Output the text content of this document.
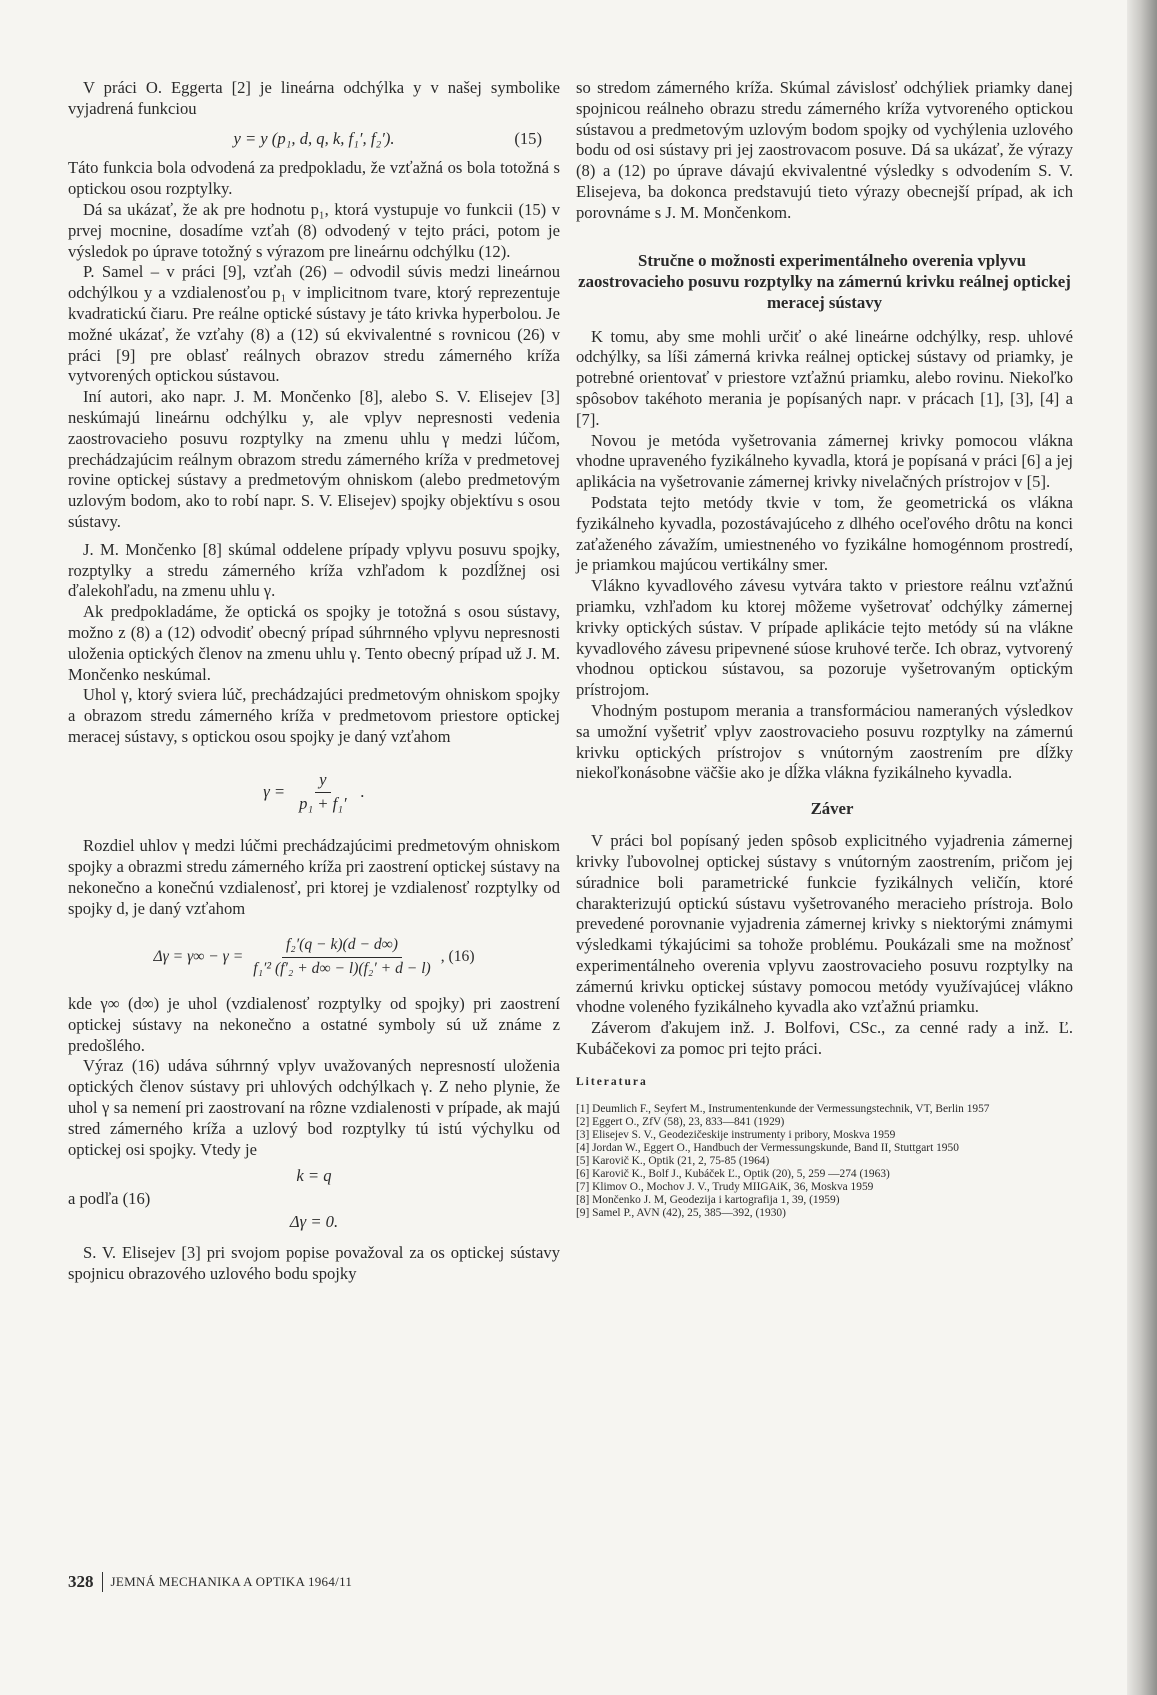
V práci O. Eggerta [2] je lineárna odchýlka y v našej symbolike vyjadrená funkciou

y = y (p₁, d, q, k, f₁′, f₂′).	(15)

Táto funkcia bola odvodená za predpokladu, že vzťažná os bola totožná s optickou osou rozptylky.

Dá sa ukázať, že ak pre hodnotu p₁, ktorá vystupuje vo funkcii (15) v prvej mocnine, dosadíme vzťah (8) odvodený v tejto práci, potom je výsledok po úprave totožný s výrazom pre lineárnu odchýlku (12).

P. Samel – v práci [9], vzťah (26) – odvodil súvis medzi lineárnou odchýlkou y a vzdialenosťou p₁ v implicitnom tvare, ktorý reprezentuje kvadratickú čiaru. Pre reálne optické sústavy je táto krivka hyperbolou. Je možné ukázať, že vzťahy (8) a (12) sú ekvivalentné s rovnicou (26) v práci [9] pre oblasť reálnych obrazov stredu zámerného kríža vytvorených optickou sústavou.

Iní autori, ako napr. J. M. Mončenko [8], alebo S. V. Elisejev [3] neskúmajú lineárnu odchýlku y, ale vplyv nepresnosti vedenia zaostrovacieho posuvu rozptylky na zmenu uhlu γ medzi lúčom, prechádzajúcim reálnym obrazom stredu zámerného kríža v predmetovej rovine optickej sústavy a predmetovým ohniskom (alebo predmetovým uzlovým bodom, ako to robí napr. S. V. Elisejev) spojky objektívu s osou sústavy.

J. M. Mončenko [8] skúmal oddelene prípady vplyvu posuvu spojky, rozptylky a stredu zámerného kríža vzhľadom k pozdĺžnej osi ďalekohľadu, na zmenu uhlu γ.

Ak predpokladáme, že optická os spojky je totožná s osou sústavy, možno z (8) a (12) odvodiť obecný prípad súhrnného vplyvu nepresnosti uloženia optických členov na zmenu uhlu γ. Tento obecný prípad už J. M. Mončenko neskúmal.

Uhol γ, ktorý sviera lúč, prechádzajúci predmetovým ohniskom spojky a obrazom stredu zámerného kríža v predmetovom priestore optickej meracej sústavy, s optickou osou spojky je daný vzťahom

$\gamma = \frac{y}{\text{p₁ + f₁′}}$ .

Rozdiel uhlov γ medzi lúčmi prechádzajúcimi predmetovým ohniskom spojky a obrazmi stredu zámerného kríža pri zaostrení optickej sústavy na nekonečno a konečnú vzdialenosť, pri ktorej je vzdialenosť rozptylky od spojky d, je daný vzťahom

$\Delta\gamma = \gamma\infty - \gamma = \frac{\text{f₂′(q − k)(d − d∞)}}{\text{f₁′² (f′₂ + d∞ − l)(f₂′ + d − l)}}$ , (16)

kde γ∞ (d∞) je uhol (vzdialenosť rozptylky od spojky) pri zaostrení optickej sústavy na nekonečno a ostatné symboly sú už známe z predošlého.

Výraz (16) udáva súhrnný vplyv uvažovaných nepresností uloženia optických členov sústavy pri uhlových odchýlkach γ. Z neho plynie, že uhol γ sa nemení pri zaostrovaní na rôzne vzdialenosti v prípade, ak majú stred zámerného kríža a uzlový bod rozptylky tú istú výchylku od optickej osi spojky. Vtedy je

k = q

a podľa (16)

Δγ = 0.

S. V. Elisejev [3] pri svojom popise považoval za os optickej sústavy spojnicu obrazového uzlového bodu spojky

so stredom zámerného kríža. Skúmal závislosť odchýliek priamky danej spojnicou reálneho obrazu stredu zámerného kríža vytvoreného optickou sústavou a predmetovým uzlovým bodom spojky od vychýlenia uzlového bodu od osi sústavy pri jej zaostrovacom posuve. Dá sa ukázať, že výrazy (8) a (12) po úprave dávajú ekvivalentné výsledky s odvodením S. V. Elisejeva, ba dokonca predstavujú tieto výrazy obecnejší prípad, ak ich porovnáme s J. M. Mončenkom.

Stručne o možnosti experimentálneho overenia vplyvu zaostrovacieho posuvu rozptylky na zámernú krivku reálnej optickej meracej sústavy

K tomu, aby sme mohli určiť o aké lineárne odchýlky, resp. uhlové odchýlky, sa líši zámerná krivka reálnej optickej sústavy od priamky, je potrebné orientovať v priestore vzťažnú priamku, alebo rovinu. Niekoľko spôsobov takéhoto merania je popísaných napr. v prácach [1], [3], [4] a [7].

Novou je metóda vyšetrovania zámernej krivky pomocou vlákna vhodne upraveného fyzikálneho kyvadla, ktorá je popísaná v práci [6] a jej aplikácia na vyšetrovanie zámernej krivky nivelačných prístrojov v [5].

Podstata tejto metódy tkvie v tom, že geometrická os vlákna fyzikálneho kyvadla, pozostávajúceho z dlhého oceľového drôtu na konci zaťaženého závažím, umiestneného vo fyzikálne homogénnom prostredí, je priamkou majúcou vertikálny smer.

Vlákno kyvadlového závesu vytvára takto v priestore reálnu vzťažnú priamku, vzhľadom ku ktorej môžeme vyšetrovať odchýlky zámernej krivky optických sústav. V prípade aplikácie tejto metódy sú na vlákne kyvadlového závesu pripevnené súose kruhové terče. Ich obraz, vytvorený vhodnou optickou sústavou, sa pozoruje vyšetrovaným optickým prístrojom.

Vhodným postupom merania a transformáciou nameraných výsledkov sa umožní vyšetriť vplyv zaostrovacieho posuvu rozptylky na zámernú krivku optických prístrojov s vnútorným zaostrením pre dĺžky niekoľkonásobne väčšie ako je dĺžka vlákna fyzikálneho kyvadla.

Záver

V práci bol popísaný jeden spôsob explicitného vyjadrenia zámernej krivky ľubovolnej optickej sústavy s vnútorným zaostrením, pričom jej súradnice boli parametrické funkcie fyzikálnych veličín, ktoré charakterizujú optickú sústavu vyšetrovaného meracieho prístroja. Bolo prevedené porovnanie vyjadrenia zámernej krivky s niektorými známymi výsledkami týkajúcimi sa tohože problému. Poukázali sme na možnosť experimentálneho overenia vplyvu zaostrovacieho posuvu rozptylky na zámernú krivku optickej sústavy pomocou metódy využívajúcej vlákno vhodne voleného fyzikálneho kyvadla ako vzťažnú priamku.

Záverom ďakujem inž. J. Bolfovi, CSc., za cenné rady a inž. Ľ. Kubáčekovi za pomoc pri tejto práci.

Literatura
[1] Deumlich F., Seyfert M., Instrumentenkunde der Vermessungstechnik, VT, Berlin 1957
[2] Eggert O., ZfV (58), 23, 833—841 (1929)
[3] Elisejev S. V., Geodezičeskije instrumenty i pribory, Moskva 1959
[4] Jordan W., Eggert O., Handbuch der Vermessungskunde, Band II, Stuttgart 1950
[5] Karovič K., Optik (21, 2, 75-85 (1964)
[6] Karovič K., Bolf J., Kubáček Ľ., Optik (20), 5, 259 —274 (1963)
[7] Klimov O., Mochov J. V., Trudy MIIGAiK, 36, Moskva 1959
[8] Mončenko J. M, Geodezija i kartografija 1, 39, (1959)
[9] Samel P., AVN (42), 25, 385—392, (1930)
328 JEMNÁ MECHANIKA A OPTIKA 1964/11
